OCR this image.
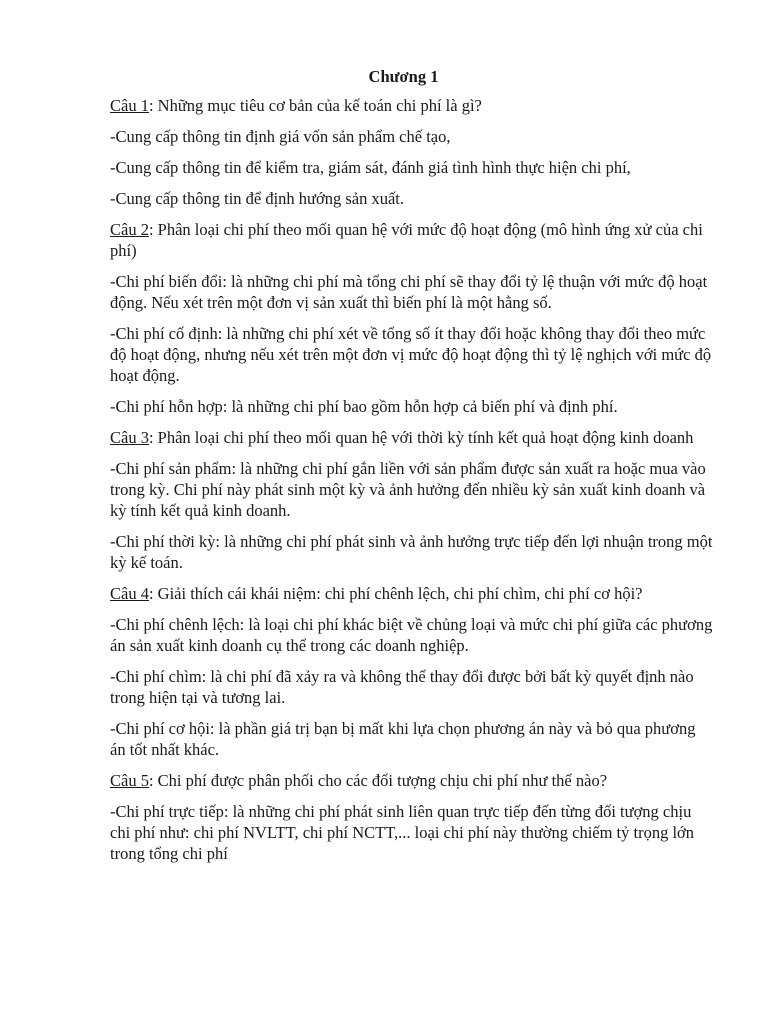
Chương 1

Câu 1: Những mục tiêu cơ bản của kế toán chi phí là gì?

-Cung cấp thông tin định giá vốn sản phẩm chế tạo,

-Cung cấp thông tin để kiểm tra, giám sát, đánh giá tình hình thực hiện chi phí,

-Cung cấp thông tin để định hướng sản xuất.

Câu 2: Phân loại chi phí theo mối quan hệ với mức độ hoạt động (mô hình ứng xử của chi phí)

-Chi phí biến đổi: là những chi phí mà tổng chi phí sẽ thay đổi tỷ lệ thuận với mức độ hoạt động. Nếu xét trên một đơn vị sản xuất thì biến phí là một hằng số.

-Chi phí cố định: là những chi phí xét về tổng số ít thay đổi hoặc không thay đổi theo mức độ hoạt động, nhưng nếu xét trên một đơn vị mức độ hoạt động thì tỷ lệ nghịch với mức độ hoạt động.

-Chi phí hỗn hợp: là những chi phí bao gồm hỗn hợp cả biến phí và định phí.

Câu 3: Phân loại chi phí theo mối quan hệ với thời kỳ tính kết quả hoạt động kinh doanh

-Chi phí sản phẩm: là những chi phí gắn liền với sản phẩm được sản xuất ra hoặc mua vào trong kỳ. Chi phí này phát sinh một kỳ và ảnh hưởng đến nhiều kỳ sản xuất kinh doanh và kỳ tính kết quả kinh doanh.

-Chi phí thời kỳ: là những chi phí phát sinh và ảnh hưởng trực tiếp đến lợi nhuận trong một kỳ kế toán.

Câu 4: Giải thích cái khái niệm: chi phí chênh lệch, chi phí chìm, chi phí cơ hội?

-Chi phí chênh lệch: là loại chi phí khác biệt về chủng loại và mức chi phí giữa các phương án sản xuất kinh doanh cụ thể trong các doanh nghiệp.

-Chi phí chìm: là chi phí đã xảy ra và không thể thay đổi được bởi bất kỳ quyết định nào trong hiện tại và tương lai.

-Chi phí cơ hội: là phần giá trị bạn bị mất khi lựa chọn phương án này và bỏ qua phương án tốt nhất khác.

Câu 5: Chi phí được phân phối cho các đối tượng chịu chi phí như thế nào?

-Chi phí trực tiếp: là những chi phí phát sinh liên quan trực tiếp đến từng đối tượng chịu chi phí như: chi phí NVLTT, chi phí NCTT,... loại chi phí này thường chiếm tỷ trọng lớn trong tổng chi phí
